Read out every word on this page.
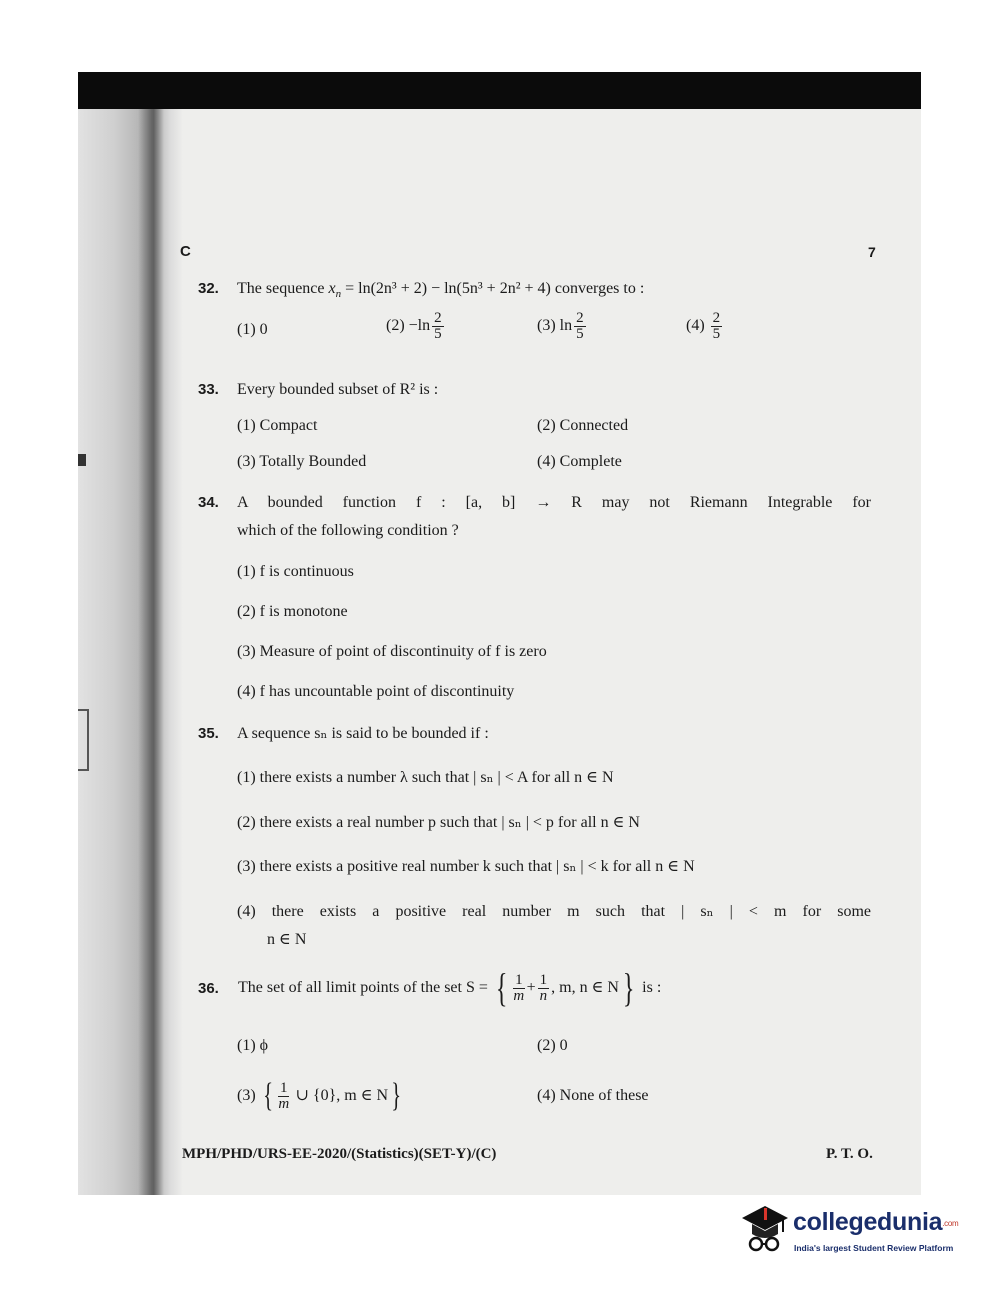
C	7
32. The sequence $x_n = \ln(2n^3 + 2) - \ln(5n^3 + 2n^2 + 4)$ converges to :
(1) 0	$(2) -\ln \frac{2}{5}$	(3) $\ln \frac{2}{5}$	$(4) \frac{2}{5}$
33. Every bounded subset of R² is :
(1) Compact	(2) Connected
(3) Totally Bounded	(4) Complete
34. A bounded function f : [a, b] → R may not Riemann Integrable for
which of the following condition ?
(1) f is continuous
(2) f is monotone
(3) Measure of point of discontinuity of f is zero
(4) f has uncountable point of discontinuity
35. A sequence sₙ is said to be bounded if :
(1) there exists a number λ such that | sₙ | < A for all n ∈ N
(2) there exists a real number p such that | sₙ | < p for all n ∈ N
(3) there exists a positive real number k such that | sₙ | < k for all n ∈ N
(4) there exists a positive real number m such that | sₙ | < m for some
n ∈ N
36. The set of all limit points of the set S = { $\frac{1}{m} + \frac{1}{n}$ , m, n ∈ N} is :
(1) ϕ	(2) 0
(3) { $\frac{1}{m}$ ∪ {0}, m ∈ N}	(4) None of these
MPH/PHD/URS-EE-2020/(Statistics)(SET-Y)/(C)	P. T. O.
collegedunia.com
India's largest Student Review Platform
